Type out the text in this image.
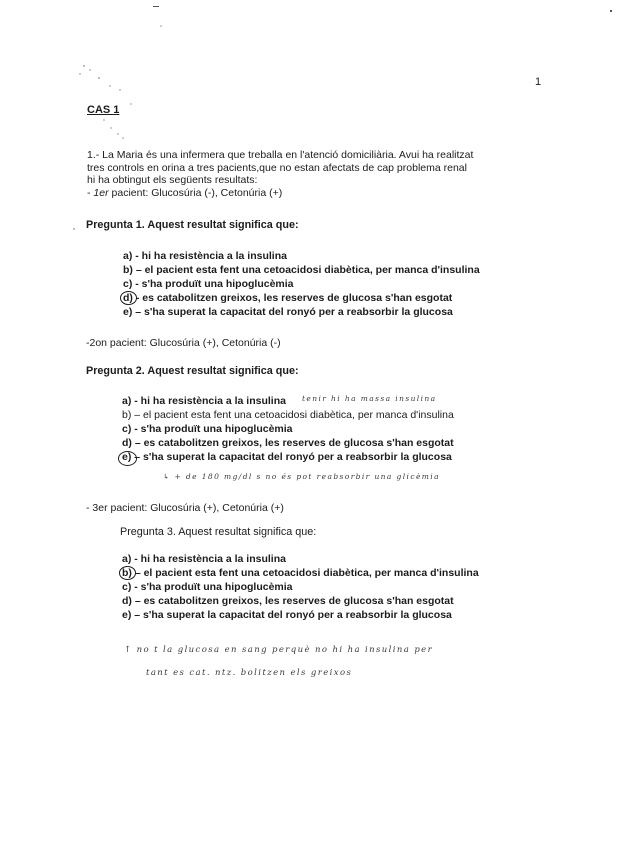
1
CAS 1
1.- La Maria és una infermera que treballa en l'atenció domiciliària. Avui ha realitzat
tres controls en orina a tres pacients,que no estan afectats de cap problema renal
hi ha obtingut els següents resultats:
- 1er pacient: Glucosúria (-), Cetonúria (+)
Pregunta 1. Aquest resultat significa que:
a) - hi ha resistència a la insulina
b) – el pacient esta fent una cetoacidosi diabètica, per manca d'insulina
c) - s'ha produït una hipoglucèmia
d) - es catabolitzen greixos, les reserves de glucosa s'han esgotat
e) – s'ha superat la capacitat del ronyó per a reabsorbir la glucosa
-2on pacient: Glucosúria (+), Cetonúria (-)
Pregunta 2. Aquest resultat significa que:
a) - hi ha resistència a la insulina
b) – el pacient esta fent una cetoacidosi diabètica, per manca d'insulina
c) - s'ha produït una hipoglucèmia
d) – es catabolitzen greixos, les reserves de glucosa s'han esgotat
e) – s'ha superat la capacitat del ronyó per a reabsorbir la glucosa
tenir hi ha massa insulina
↳ + de 180 mg/dl s no és pot reabsorbir una glicèmia
- 3er pacient: Glucosúria (+), Cetonúria (+)
Pregunta 3. Aquest resultat significa que:
a) - hi ha resistència a la insulina
b) – el pacient esta fent una cetoacidosi diabètica, per manca d'insulina
c) - s'ha produït una hipoglucèmia
d) – es catabolitzen greixos, les reserves de glucosa s'han esgotat
e) – s'ha superat la capacitat del ronyó per a reabsorbir la glucosa
↑ no t la glucosa en sang perquè no hi ha insulina per
tant es cat. ntz. bolitzen els greixos
